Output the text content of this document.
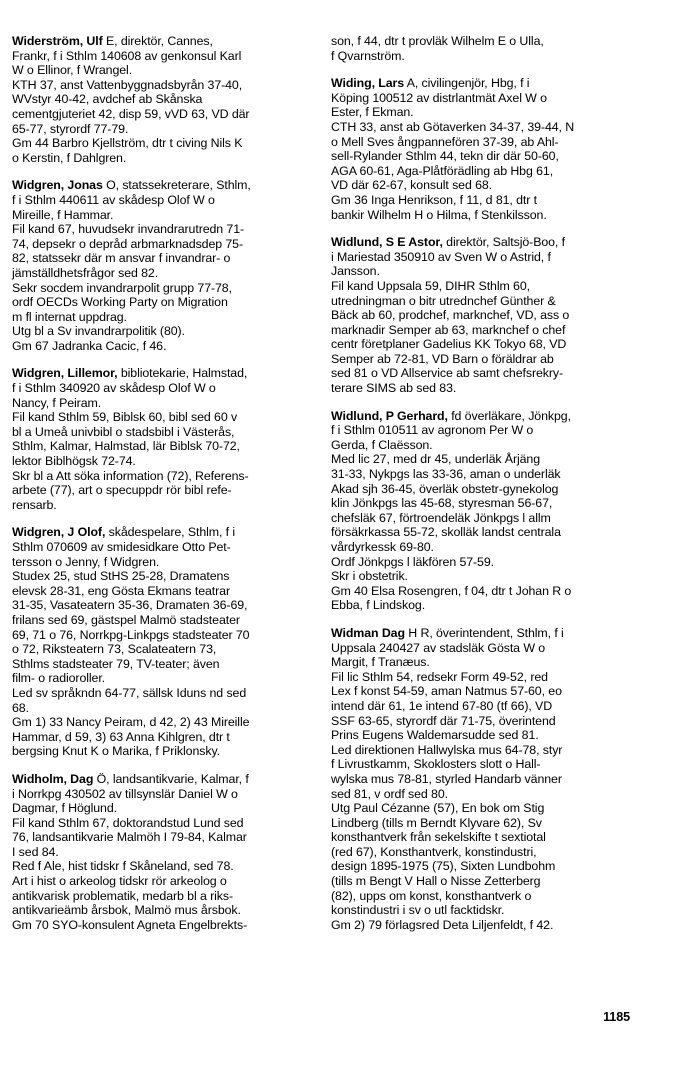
Widerström, Ulf E, direktör, Cannes,
Frankr, f i Sthlm 140608 av genkonsul Karl
W o Ellinor, f Wrangel.
KTH 37, anst Vattenbyggnadsbyrån 37-40,
WVstyr 40-42, avdchef ab Skånska
cementgjuteriet 42, disp 59, vVD 63, VD där
65-77, styrordf 77-79.
Gm 44 Barbro Kjellström, dtr t civing Nils K
o Kerstin, f Dahlgren.
Widgren, Jonas O, statssekreterare, Sthlm,
f i Sthlm 440611 av skådesp Olof W o
Mireille, f Hammar.
Fil kand 67, huvudsekr invandrarutredn 71-
74, depsekr o depråd arbmarknadsdep 75-
82, statssekr där m ansvar f invandrar- o
jämställdhetsfrågor sed 82.
Sekr socdem invandrarpolit grupp 77-78,
ordf OECDs Working Party on Migration
m fl internat uppdrag.
Utg bl a Sv invandrarpolitik (80).
Gm 67 Jadranka Cacic, f 46.
Widgren, Lillemor, bibliotekarie, Halmstad,
f i Sthlm 340920 av skådesp Olof W o
Nancy, f Peiram.
Fil kand Sthlm 59, Biblsk 60, bibl sed 60 v
bl a Umeå univbibl o stadsbibl i Västerås,
Sthlm, Kalmar, Halmstad, lär Biblsk 70-72,
lektor Biblhögsk 72-74.
Skr bl a Att söka information (72), Referens-
arbete (77), art o specuppdr rör bibl refe-
rensarb.
Widgren, J Olof, skådespelare, Sthlm, f i
Sthlm 070609 av smidesidkare Otto Pet-
tersson o Jenny, f Widgren.
Studex 25, stud StHS 25-28, Dramatens
elevsk 28-31, eng Gösta Ekmans teatrar
31-35, Vasateatern 35-36, Dramaten 36-69,
frilans sed 69, gästspel Malmö stadsteater
69, 71 o 76, Norrkpg-Linkpgs stadsteater 70
o 72, Riksteatern 73, Scalateatern 73,
Sthlms stadsteater 79, TV-teater; även
film- o radioroller.
Led sv språkndn 64-77, sällsk Iduns nd sed
68.
Gm 1) 33 Nancy Peiram, d 42, 2) 43 Mireille
Hammar, d 59, 3) 63 Anna Kihlgren, dtr t
bergsing Knut K o Marika, f Priklonsky.
Widholm, Dag Ö, landsantikvarie, Kalmar, f
i Norrkpg 430502 av tillsynslär Daniel W o
Dagmar, f Höglund.
Fil kand Sthlm 67, doktorandstud Lund sed
76, landsantikvarie Malmöh I 79-84, Kalmar
I sed 84.
Red f Ale, hist tidskr f Skåneland, sed 78.
Art i hist o arkeolog tidskr rör arkeolog o
antikvarisk problematik, medarb bl a riks-
antikvarieämb årsbok, Malmö mus årsbok.
Gm 70 SYO-konsulent Agneta Engelbrekts-
son, f 44, dtr t provläk Wilhelm E o Ulla,
f Qvarnström.
Widing, Lars A, civilingenjör, Hbg, f i
Köping 100512 av distrlantmät Axel W o
Ester, f Ekman.
CTH 33, anst ab Götaverken 34-37, 39-44, N
o Mell Sves ångpannefören 37-39, ab Ahl-
sell-Rylander Sthlm 44, tekn dir där 50-60,
AGA 60-61, Aga-Plåtförädling ab Hbg 61,
VD där 62-67, konsult sed 68.
Gm 36 Inga Henrikson, f 11, d 81, dtr t
bankir Wilhelm H o Hilma, f Stenkilsson.
Widlund, S E Astor, direktör, Saltsjö-Boo, f
i Mariestad 350910 av Sven W o Astrid, f
Jansson.
Fil kand Uppsala 59, DIHR Sthlm 60,
utredningman o bitr utrednchef Günther &
Bäck ab 60, prodchef, marknchef, VD, ass o
marknadir Semper ab 63, marknchef o chef
centr företplaner Gadelius KK Tokyo 68, VD
Semper ab 72-81, VD Barn o föräldrar ab
sed 81 o VD Allservice ab samt chefsrekry-
terare SIMS ab sed 83.
Widlund, P Gerhard, fd överläkare, Jönkpg,
f i Sthlm 010511 av agronom Per W o
Gerda, f Claësson.
Med lic 27, med dr 45, underläk Årjäng
31-33, Nykpgs las 33-36, aman o underläk
Akad sjh 36-45, överläk obstetr-gynekolog
klin Jönkpgs las 45-68, styresman 56-67,
chefsläk 67, förtroendeläk Jönkpgs l allm
försäkrkassa 55-72, skolläk landst centrala
vårdyrkessk 69-80.
Ordf Jönkpgs l läkfören 57-59.
Skr i obstetrik.
Gm 40 Elsa Rosengren, f 04, dtr t Johan R o
Ebba, f Lindskog.
Widman Dag H R, överintendent, Sthlm, f i
Uppsala 240427 av stadsläk Gösta W o
Margit, f Tranæus.
Fil lic Sthlm 54, redsekr Form 49-52, red
Lex f konst 54-59, aman Natmus 57-60, eo
intend där 61, 1e intend 67-80 (tf 66), VD
SSF 63-65, styrordf där 71-75, överintend
Prins Eugens Waldemarsudde sed 81.
Led direktionen Hallwylska mus 64-78, styr
f Livrustkamm, Skoklosters slott o Hall-
wylska mus 78-81, styrled Handarb vänner
sed 81, v ordf sed 80.
Utg Paul Cézanne (57), En bok om Stig
Lindberg (tills m Berndt Klyvare 62), Sv
konsthantverk från sekelskifte t sextiotal
(red 67), Konsthantverk, konstindustri,
design 1895-1975 (75), Sixten Lundbohm
(tills m Bengt V Hall o Nisse Zetterberg
(82), upps om konst, konsthantverk o
konstindustri i sv o utl facktidskr.
Gm 2) 79 förlagsred Deta Liljenfeldt, f 42.
1185
